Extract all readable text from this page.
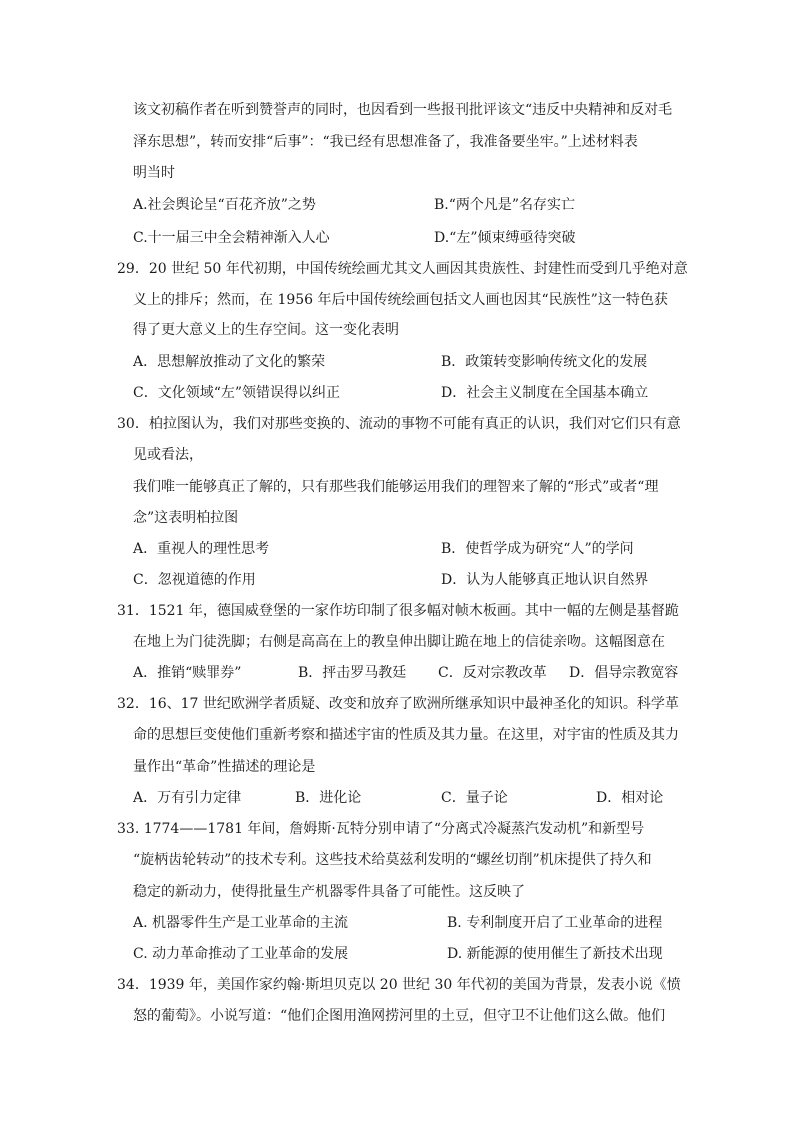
该文初稿作者在听到赞誉声的同时，也因看到一些报刊批评该文“违反中央精神和反对毛
泽东思想”，转而安排“后事”：“我已经有思想准备了，我准备要坐牢。”上述材料表
明当时
A.社会舆论呈“百花齐放”之势	B.“两个凡是”名存实亡
C.十一届三中全会精神渐入人心	D.“左”倾束缚亟待突破
29．20 世纪 50 年代初期，中国传统绘画尤其文人画因其贵族性、封建性而受到几乎绝对意
义上的排斥；然而，在 1956 年后中国传统绘画包括文人画也因其“民族性”这一特色获
得了更大意义上的生存空间。这一变化表明
A．思想解放推动了文化的繁荣	B．政策转变影响传统文化的发展
C．文化领域“左”领错误得以纠正	D．社会主义制度在全国基本确立
30．柏拉图认为，我们对那些变换的、流动的事物不可能有真正的认识，我们对它们只有意
见或看法，
我们唯一能够真正了解的，只有那些我们能够运用我们的理智来了解的“形式”或者“理
念”这表明柏拉图
A．重视人的理性思考	B．使哲学成为研究“人”的学问
C．忽视道德的作用	D．认为人能够真正地认识自然界
31．1521 年，德国威登堡的一家作坊印制了很多幅对帧木板画。其中一幅的左侧是基督跪
在地上为门徒洗脚；右侧是高高在上的教皇伸出脚让跪在地上的信徒亲吻。这幅图意在
A．推销“赎罪券”	B．抨击罗马教廷 C．反对宗教改革 D．倡导宗教宽容
32．16、17 世纪欧洲学者质疑、改变和放弃了欧洲所继承知识中最神圣化的知识。科学革
命的思想巨变使他们重新考察和描述宇宙的性质及其力量。在这里，对宇宙的性质及其力
量作出“革命”性描述的理论是
A．万有引力定律	B．进化论	C．量子论	D．相对论
33. 1774——1781 年间，詹姆斯·瓦特分别申请了“分离式冷凝蒸汽发动机”和新型号
“旋柄齿轮转动”的技术专利。这些技术给莫兹利发明的“螺丝切削”机床提供了持久和
稳定的新动力，使得批量生产机器零件具备了可能性。这反映了
A. 机器零件生产是工业革命的主流	B. 专利制度开启了工业革命的进程
C. 动力革命推动了工业革命的发展	D. 新能源的使用催生了新技术出现
34．1939 年，美国作家约翰·斯坦贝克以 20 世纪 30 年代初的美国为背景，发表小说《愤
怒的葡萄》。小说写道：“他们企图用渔网捞河里的土豆，但守卫不让他们这么做。他们
